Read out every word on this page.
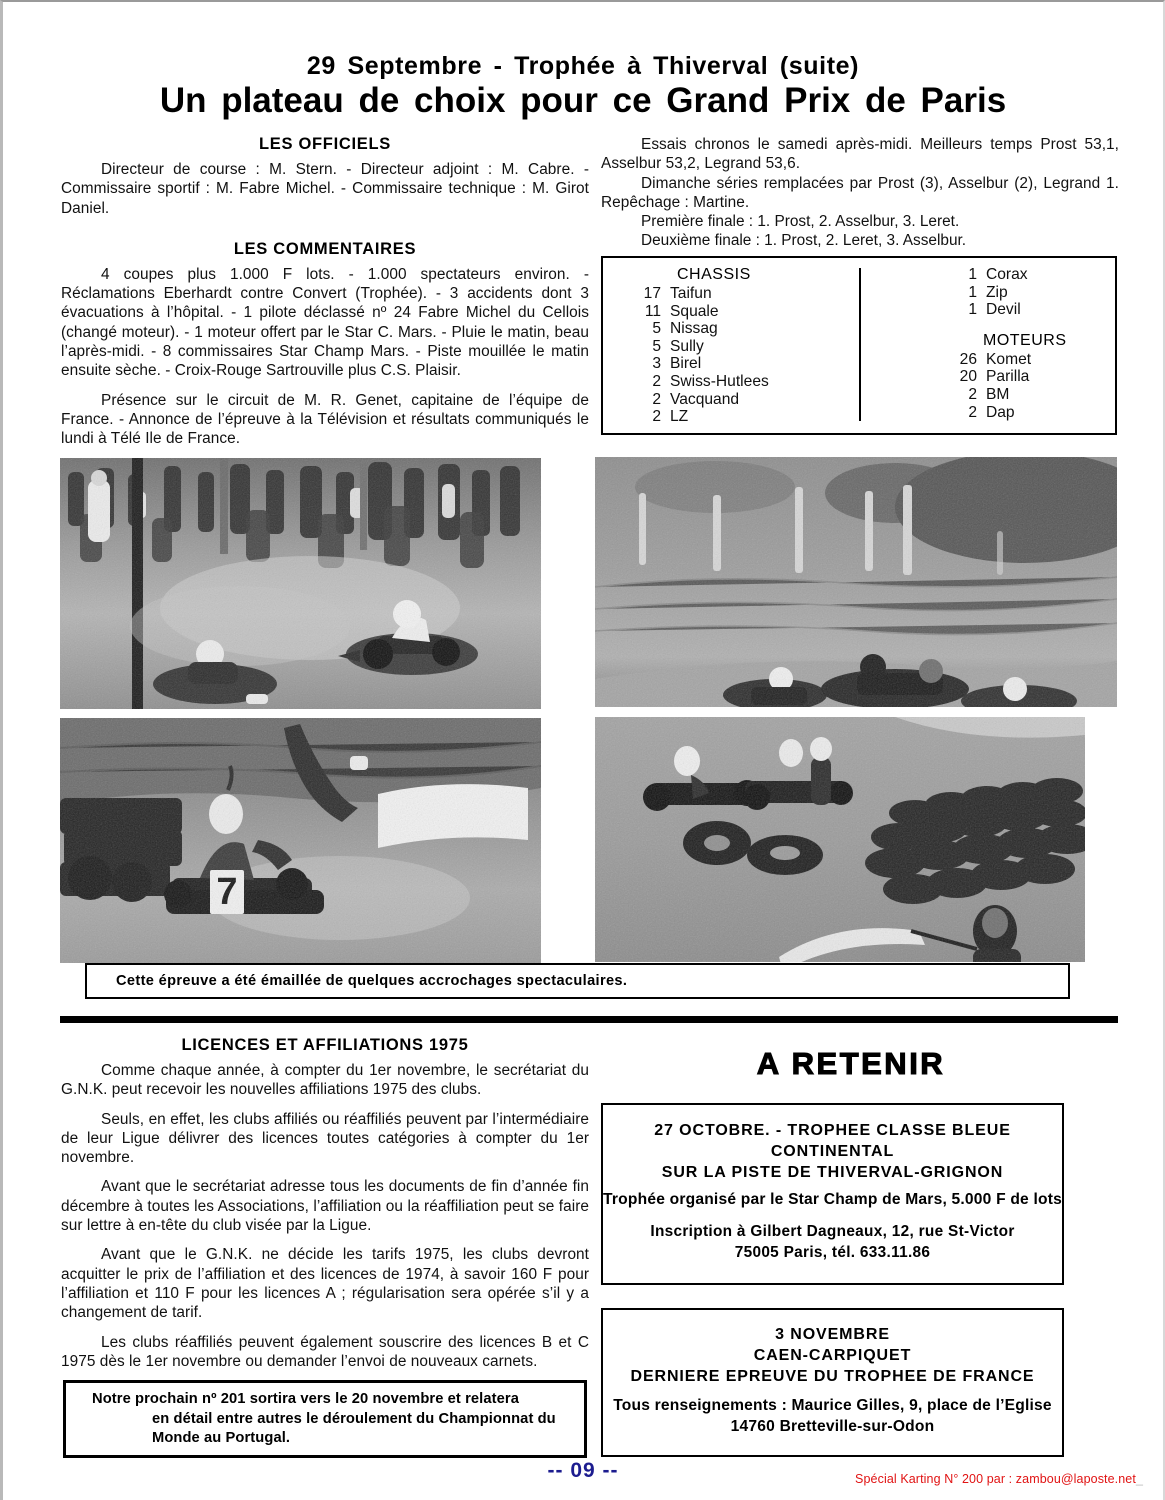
29 Septembre - Trophée à Thiverval (suite)
Un plateau de choix pour ce Grand Prix de Paris
LES OFFICIELS

Directeur de course : M. Stern. - Directeur adjoint : M. Cabre. - Commissaire sportif : M. Fabre Michel. - Commissaire technique : M. Girot Daniel.

LES COMMENTAIRES

4 coupes plus 1.000 F lots. - 1.000 spectateurs environ. - Réclamations Eberhardt contre Convert (Trophée). - 3 accidents dont 3 évacuations à l’hôpital. - 1 pilote déclassé nº 24 Fabre Michel du Cellois (changé moteur). - 1 moteur offert par le Star C. Mars. - Pluie le matin, beau l’après-midi. - 8 commissaires Star Champ Mars. - Piste mouillée le matin ensuite sèche. - Croix-Rouge Sartrouville plus C.S. Plaisir.

Présence sur le circuit de M. R. Genet, capitaine de l’équipe de France. - Annonce de l’épreuve à la Télévision et résultats communiqués le lundi à Télé Ile de France.

Essais chronos le samedi après-midi. Meilleurs temps Prost 53,1, Asselbur 53,2, Legrand 53,6.

Dimanche séries remplacées par Prost (3), Asselbur (2), Legrand 1. Repêchage : Martine.

Première finale : 1. Prost, 2. Asselbur, 3. Leret.

Deuxième finale : 1. Prost, 2. Leret, 3. Asselbur.

CHASSIS
17 Taifun
11 Squale
5 Nissag
5 Sully
3 Birel
2 Swiss-Hutlees
2 Vacquand
2 LZ
1 Corax
1 Zip
1 Devil
MOTEURS
26 Komet
20 Parilla
2 BM
2 Dap
7
Cette épreuve a été émaillée de quelques accrochages spectaculaires.
LICENCES ET AFFILIATIONS 1975

Comme chaque année, à compter du 1er novembre, le secrétariat du G.N.K. peut recevoir les nouvelles affiliations 1975 des clubs.

Seuls, en effet, les clubs affiliés ou réaffiliés peuvent par l’intermédiaire de leur Ligue délivrer des licences toutes catégories à compter du 1er novembre.

Avant que le secrétariat adresse tous les documents de fin d’année fin décembre à toutes les Associations, l’affiliation ou la réaffiliation peut se faire sur lettre à en-tête du club visée par la Ligue.

Avant que le G.N.K. ne décide les tarifs 1975, les clubs devront acquitter le prix de l’affiliation et des licences de 1974, à savoir 160 F pour l’affiliation et 110 F pour les licences A ; régularisation sera opérée s’il y a changement de tarif.

Les clubs réaffiliés peuvent également souscrire des licences B et C 1975 dès le 1er novembre ou demander l’envoi de nouveaux carnets.

Notre prochain nº 201 sortira vers le 20 novembre et relatera

en détail entre autres le déroulement du Championnat du

Monde au Portugal.

A RETENIR

27 OCTOBRE. - TROPHEE CLASSE BLEUE

CONTINENTAL

SUR LA PISTE DE THIVERVAL-GRIGNON

Trophée organisé par le Star Champ de Mars, 5.000 F de lots

Inscription à Gilbert Dagneaux, 12, rue St-Victor

75005 Paris, tél. 633.11.86

3 NOVEMBRE

CAEN-CARPIQUET

DERNIERE EPREUVE DU TROPHEE DE FRANCE

Tous renseignements : Maurice Gilles, 9, place de l’Eglise

14760 Bretteville-sur-Odon

-- 09 --	Spécial Karting N° 200 par : zambou@laposte.net_
